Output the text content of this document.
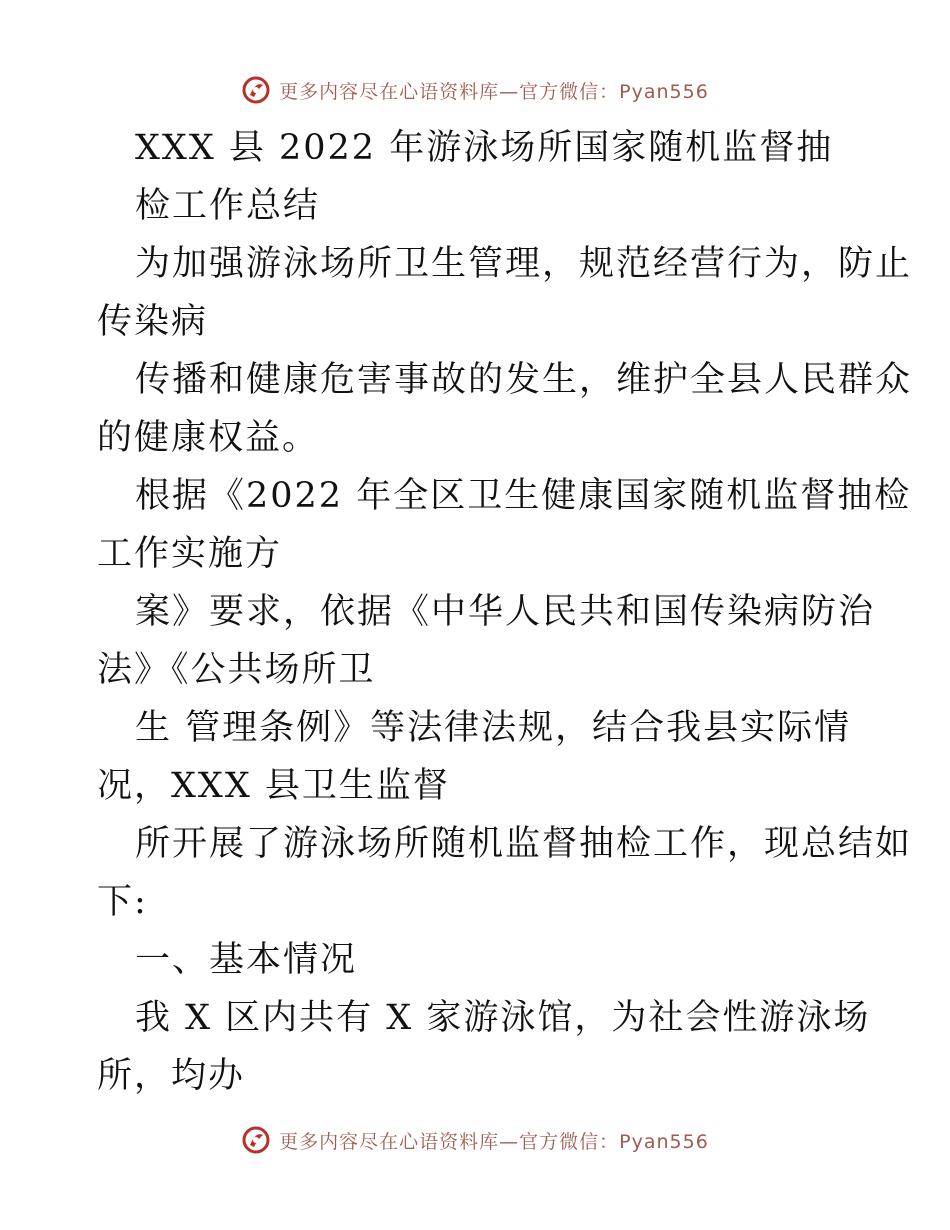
更多内容尽在心语资料库—官方微信：Pyan556
XXX 县 2022 年游泳场所国家随机监督抽
检工作总结
为加强游泳场所卫生管理，规范经营行为，防止
传染病
传播和健康危害事故的发生，维护全县人民群众
的健康权益。
根据《2022 年全区卫生健康国家随机监督抽检
工作实施方
案》要求，依据《中华人民共和国传染病防治
法》《公共场所卫
生 管理条例》等法律法规，结合我县实际情
况，XXX 县卫生监督
所开展了游泳场所随机监督抽检工作，现总结如
下:
一、基本情况
我 X 区内共有 X 家游泳馆，为社会性游泳场
所，均办
更多内容尽在心语资料库—官方微信：Pyan556
